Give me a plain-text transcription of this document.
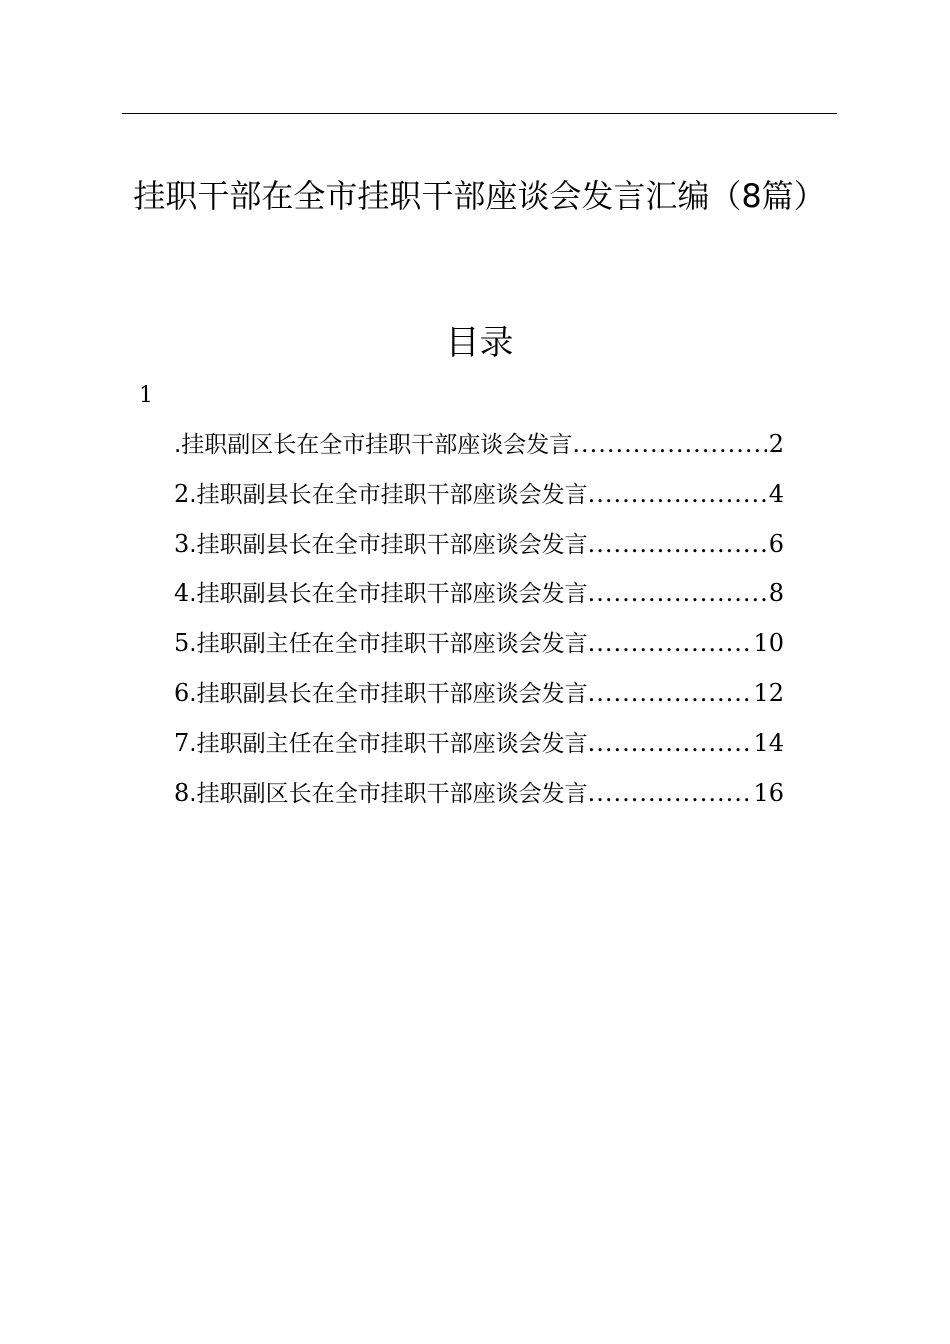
挂职干部在全市挂职干部座谈会发言汇编（8篇）
目录
1
.挂职副区长在全市挂职干部座谈会发言 .....	2
2.挂职副县长在全市挂职干部座谈会发言 .....	4
3.挂职副县长在全市挂职干部座谈会发言 .....	6
4.挂职副县长在全市挂职干部座谈会发言 .....	8
5.挂职副主任在全市挂职干部座谈会发言 .....	10
6.挂职副县长在全市挂职干部座谈会发言 .....	12
7.挂职副主任在全市挂职干部座谈会发言 .....	14
8.挂职副区长在全市挂职干部座谈会发言 .....	16
